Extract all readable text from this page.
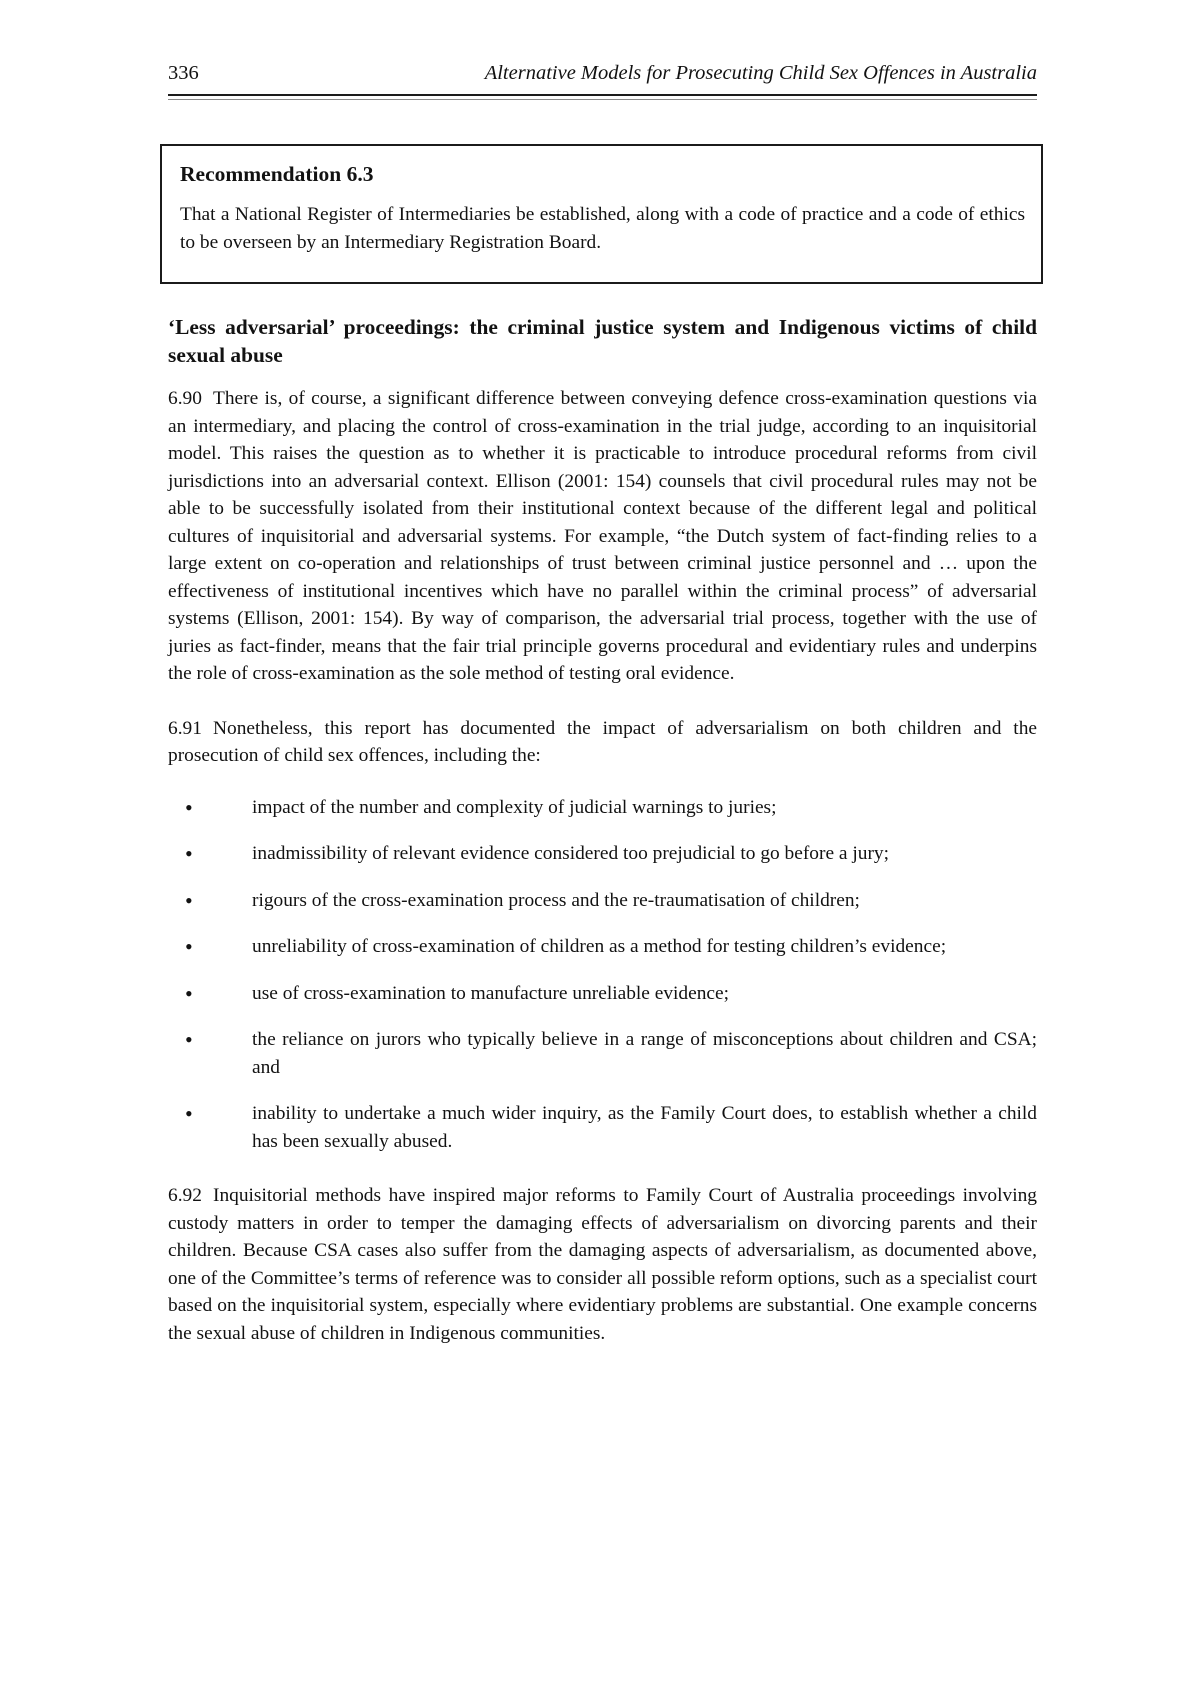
336	Alternative Models for Prosecuting Child Sex Offences in Australia
Recommendation 6.3
That a National Register of Intermediaries be established, along with a code of practice and a code of ethics to be overseen by an Intermediary Registration Board.
‘Less adversarial’ proceedings: the criminal justice system and Indigenous victims of child sexual abuse

6.90 There is, of course, a significant difference between conveying defence cross-examination questions via an intermediary, and placing the control of cross-examination in the trial judge, according to an inquisitorial model. This raises the question as to whether it is practicable to introduce procedural reforms from civil jurisdictions into an adversarial context. Ellison (2001: 154) counsels that civil procedural rules may not be able to be successfully isolated from their institutional context because of the different legal and political cultures of inquisitorial and adversarial systems. For example, “the Dutch system of fact-finding relies to a large extent on co-operation and relationships of trust between criminal justice personnel and … upon the effectiveness of institutional incentives which have no parallel within the criminal process” of adversarial systems (Ellison, 2001: 154). By way of comparison, the adversarial trial process, together with the use of juries as fact-finder, means that the fair trial principle governs procedural and evidentiary rules and underpins the role of cross-examination as the sole method of testing oral evidence.

6.91 Nonetheless, this report has documented the impact of adversarialism on both children and the prosecution of child sex offences, including the:

•	impact of the number and complexity of judicial warnings to juries;
•	inadmissibility of relevant evidence considered too prejudicial to go before a jury;
•	rigours of the cross-examination process and the re-traumatisation of children;
•	unreliability of cross-examination of children as a method for testing children’s evidence;
•	use of cross-examination to manufacture unreliable evidence;
•	the reliance on jurors who typically believe in a range of misconceptions about children and CSA; and
•	inability to undertake a much wider inquiry, as the Family Court does, to establish whether a child has been sexually abused.

6.92 Inquisitorial methods have inspired major reforms to Family Court of Australia proceedings involving custody matters in order to temper the damaging effects of adversarialism on divorcing parents and their children. Because CSA cases also suffer from the damaging aspects of adversarialism, as documented above, one of the Committee’s terms of reference was to consider all possible reform options, such as a specialist court based on the inquisitorial system, especially where evidentiary problems are substantial. One example concerns the sexual abuse of children in Indigenous communities.
